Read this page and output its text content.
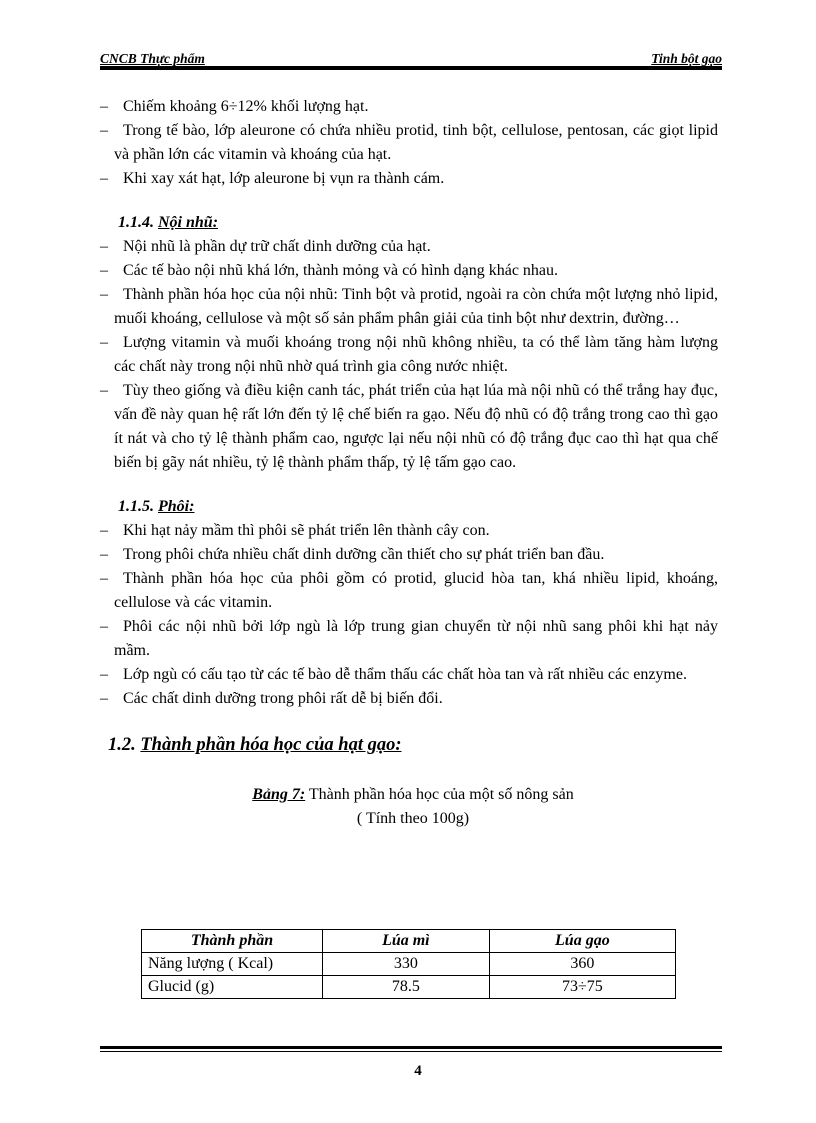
CNCB Thực phẩm	Tinh bột gạo

– Chiếm khoảng 6÷12% khối lượng hạt.

– Trong tế bào, lớp aleurone có chứa nhiều protid, tinh bột, cellulose, pentosan, các giọt lipid và phần lớn các vitamin và khoáng của hạt.

– Khi xay xát hạt, lớp aleurone bị vụn ra thành cám.

1.1.4. Nội nhũ:

– Nội nhũ là phần dự trữ chất dinh dưỡng của hạt.

– Các tế bào nội nhũ khá lớn, thành mỏng và có hình dạng khác nhau.

– Thành phần hóa học của nội nhũ: Tinh bột và protid, ngoài ra còn chứa một lượng nhỏ lipid, muối khoáng, cellulose và một số sản phẩm phân giải của tinh bột như dextrin, đường…

– Lượng vitamin và muối khoáng trong nội nhũ không nhiều, ta có thể làm tăng hàm lượng các chất này trong nội nhũ nhờ quá trình gia công nước nhiệt.

– Tùy theo giống và điều kiện canh tác, phát triển của hạt lúa mà nội nhũ có thể trắng hay đục, vấn đề này quan hệ rất lớn đến tỷ lệ chế biến ra gạo. Nếu độ nhũ có độ trắng trong cao thì gạo ít nát và cho tỷ lệ thành phẩm cao, ngược lại nếu nội nhũ có độ trắng đục cao thì hạt qua chế biến bị gãy nát nhiều, tỷ lệ thành phẩm thấp, tỷ lệ tấm gạo cao.

1.1.5. Phôi:

– Khi hạt nảy mầm thì phôi sẽ phát triển lên thành cây con.

– Trong phôi chứa nhiều chất dinh dưỡng cần thiết cho sự phát triển ban đầu.

– Thành phần hóa học của phôi gồm có protid, glucid hòa tan, khá nhiều lipid, khoáng, cellulose và các vitamin.

– Phôi các nội nhũ bởi lớp ngù là lớp trung gian chuyển từ nội nhũ sang phôi khi hạt nảy mầm.

– Lớp ngù có cấu tạo từ các tế bào dễ thẩm thấu các chất hòa tan và rất nhiều các enzyme.

– Các chất dinh dưỡng trong phôi rất dễ bị biến đổi.

1.2. Thành phần hóa học của hạt gạo:
Bảng 7: Thành phần hóa học của một số nông sản
( Tính theo 100g)
Thành phần	Lúa mì	Lúa gạo
Năng lượng ( Kcal)	330	360
Glucid (g)	78.5	73÷75
4
